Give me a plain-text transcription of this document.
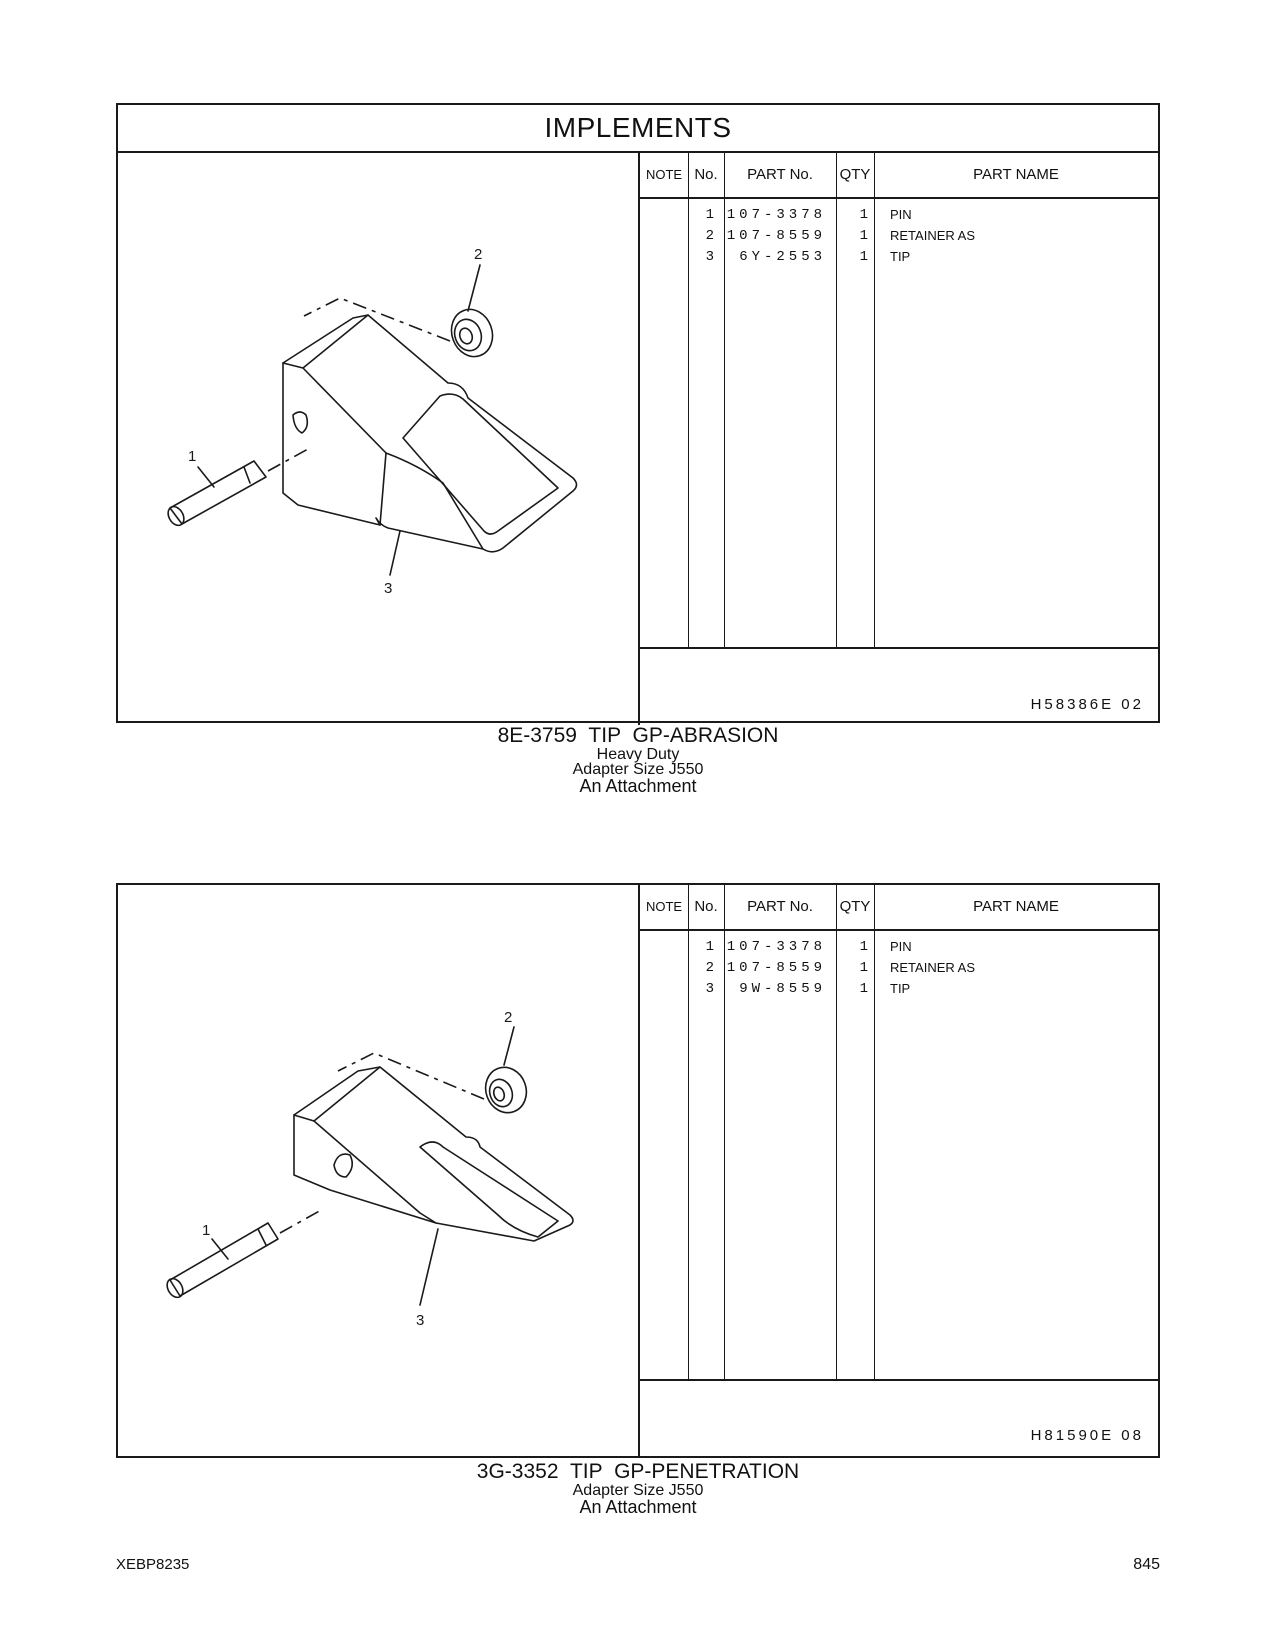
IMPLEMENTS
2
1
3
NOTE No.	PART No.	QTY	PART NAME
1 107-3378	1	PIN
2 107-8559	1	RETAINER AS
3	6Y-2553	1	TIP
H58386E 02
8E-3759 TIP GP-ABRASION
Heavy Duty
Adapter Size J550
An Attachment
2
1
3
NOTE No.	PART No.	QTY	PART NAME
1 107-3378	1	PIN
2 107-8559	1	RETAINER AS
3	9W-8559	1	TIP
H81590E 08
3G-3352 TIP GP-PENETRATION
Adapter Size J550
An Attachment
XEBP8235	845
